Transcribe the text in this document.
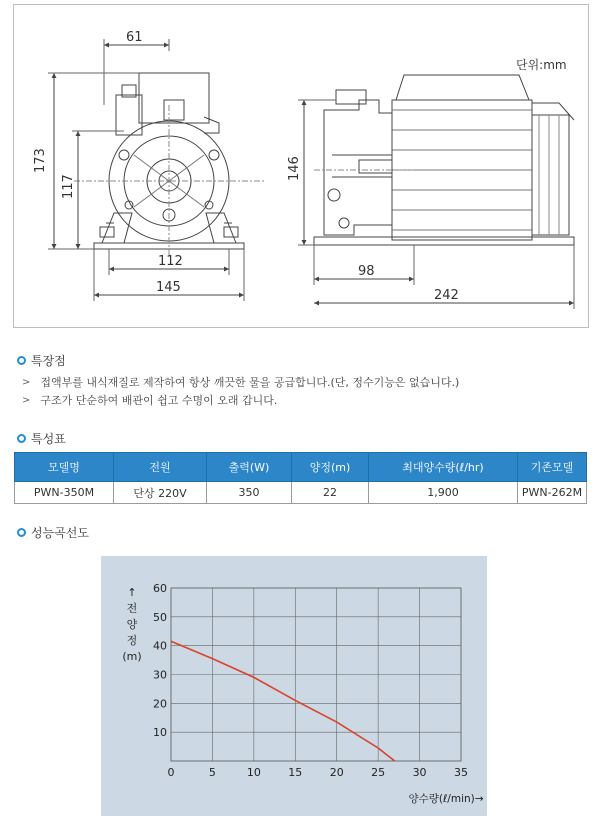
61
173
117
112
145
146
98
242
단위:mm
특장점
> 접액부를 내식재질로 제작하여 항상 깨끗한 물을 공급합니다.(단, 정수기능은 없습니다.)
> 구조가 단순하여 배관이 쉽고 수명이 오래 갑니다.
특성표
모델명	전원	출력(W)	양정(m)	최대양수량(ℓ/hr)	기존모델
PWN-350M	단상 220V	350	22	1,900	PWN-262M
성능곡선도
0	5	10 15 20 25 30 35
10
20
30
40
50
60
양수량(ℓ/min)→
↑
전
양
정
(m)
